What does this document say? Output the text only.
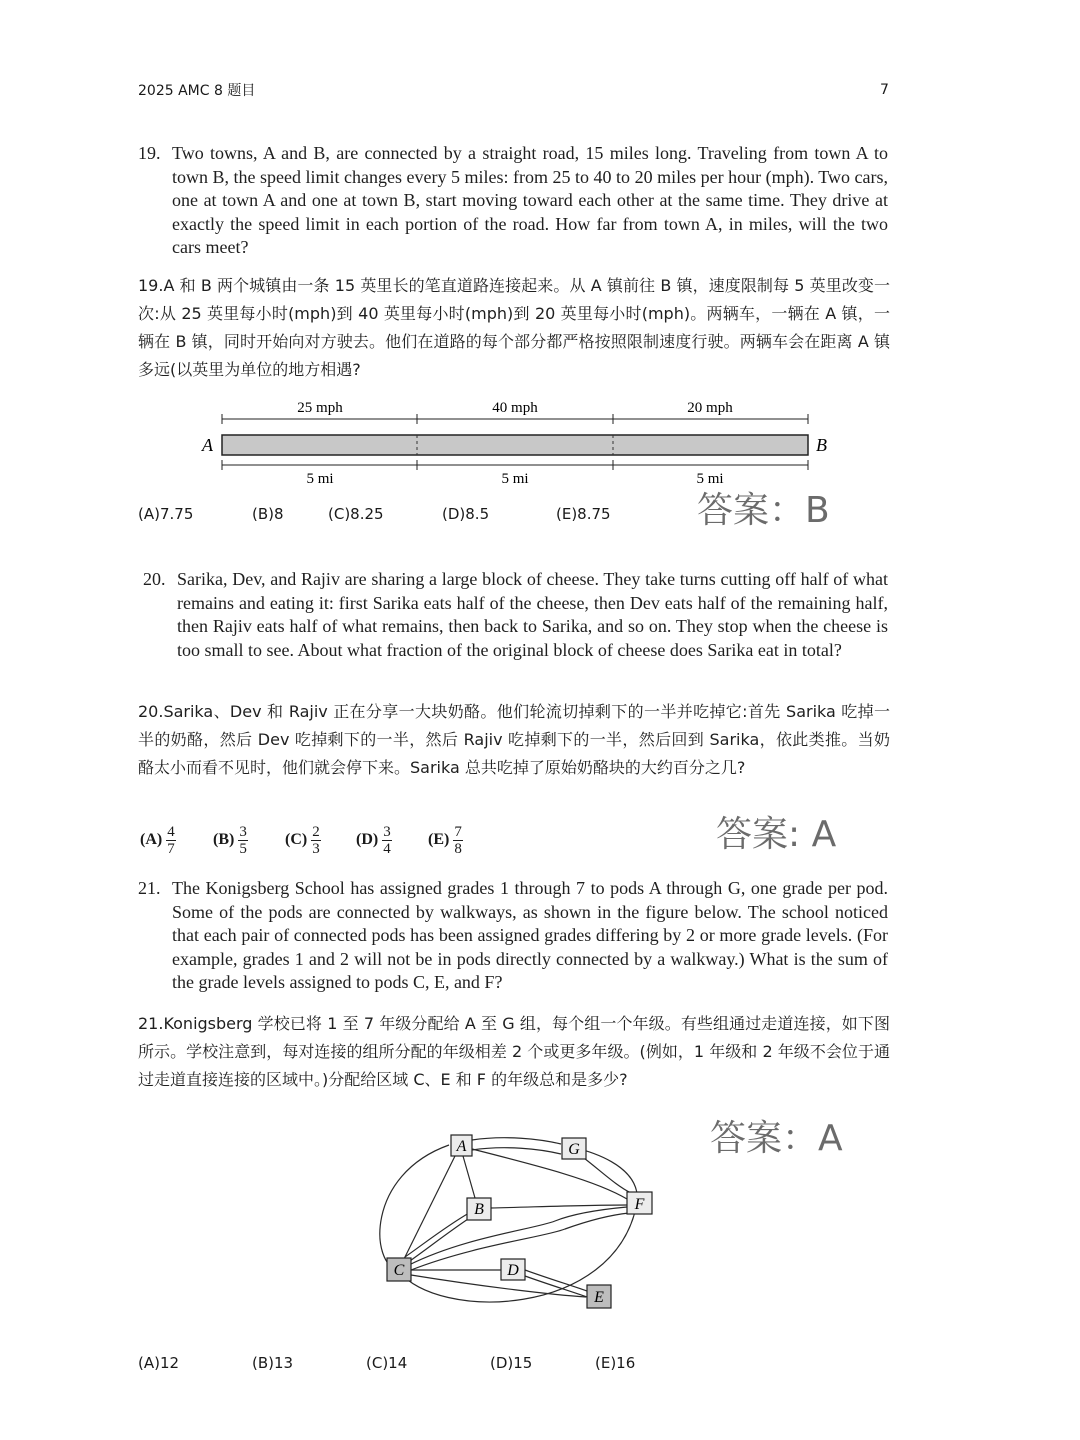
2025 AMC 8 题目	7
19. Two towns, A and B, are connected by a straight road, 15 miles long. Traveling from town A to town B, the speed limit changes every 5 miles: from 25 to 40 to 20 miles per hour (mph). Two cars, one at town A and one at town B, start moving toward each other at the same time. They drive at exactly the speed limit in each portion of the road. How far from town A, in miles, will the two cars meet?
19.A 和 B 两个城镇由一条 15 英里长的笔直道路连接起来。从 A 镇前往 B 镇，速度限制每 5 英里改变一次:从 25 英里每小时(mph)到 40 英里每小时(mph)到 20 英里每小时(mph)。两辆车，一辆在 A 镇，一辆在 B 镇，同时开始向对方驶去。他们在道路的每个部分都严格按照限制速度行驶。两辆车会在距离 A 镇多远(以英里为单位的地方相遇?
25 mph	40 mph	20 mph
5 mi	5 mi	5 mi
A	B
(A)7.75	(B)8	(C)8.25	(D)8.5	(E)8.75 答案：B
20. Sarika, Dev, and Rajiv are sharing a large block of cheese. They take turns cutting off half of what remains and eating it: first Sarika eats half of the cheese, then Dev eats half of the remaining half, then Rajiv eats half of what remains, then back to Sarika, and so on. They stop when the cheese is too small to see. About what fraction of the original block of cheese does Sarika eat in total?
20.Sarika、Dev 和 Rajiv 正在分享一大块奶酪。他们轮流切掉剩下的一半并吃掉它:首先 Sarika 吃掉一半的奶酪，然后 Dev 吃掉剩下的一半，然后 Rajiv 吃掉剩下的一半，然后回到 Sarika，依此类推。当奶酪太小而看不见时，他们就会停下来。Sarika 总共吃掉了原始奶酪块的大约百分之几?
$(A) \frac{4}{7} (B) \frac{3}{5} (C) \frac{2}{3} (D) \frac{3}{4} (E) \frac{7}{8}$	答案: A
21. The Konigsberg School has assigned grades 1 through 7 to pods A through G, one grade per pod. Some of the pods are connected by walkways, as shown in the figure below. The school noticed that each pair of connected pods has been assigned grades differing by 2 or more grade levels. (For example, grades 1 and 2 will not be in pods directly connected by a walkway.) What is the sum of the grade levels assigned to pods C, E, and F?
21.Konigsberg 学校已将 1 至 7 年级分配给 A 至 G 组，每个组一个年级。有些组通过走道连接，如下图所示。学校注意到，每对连接的组所分配的年级相差 2 个或更多年级。(例如，1 年级和 2 年级不会位于通过走道直接连接的区域中。)分配给区域 C、E 和 F 的年级总和是多少?
答案：A
A	G
B	F
C	D
E
(A)12	(B)13	(C)14	(D)15	(E)16
